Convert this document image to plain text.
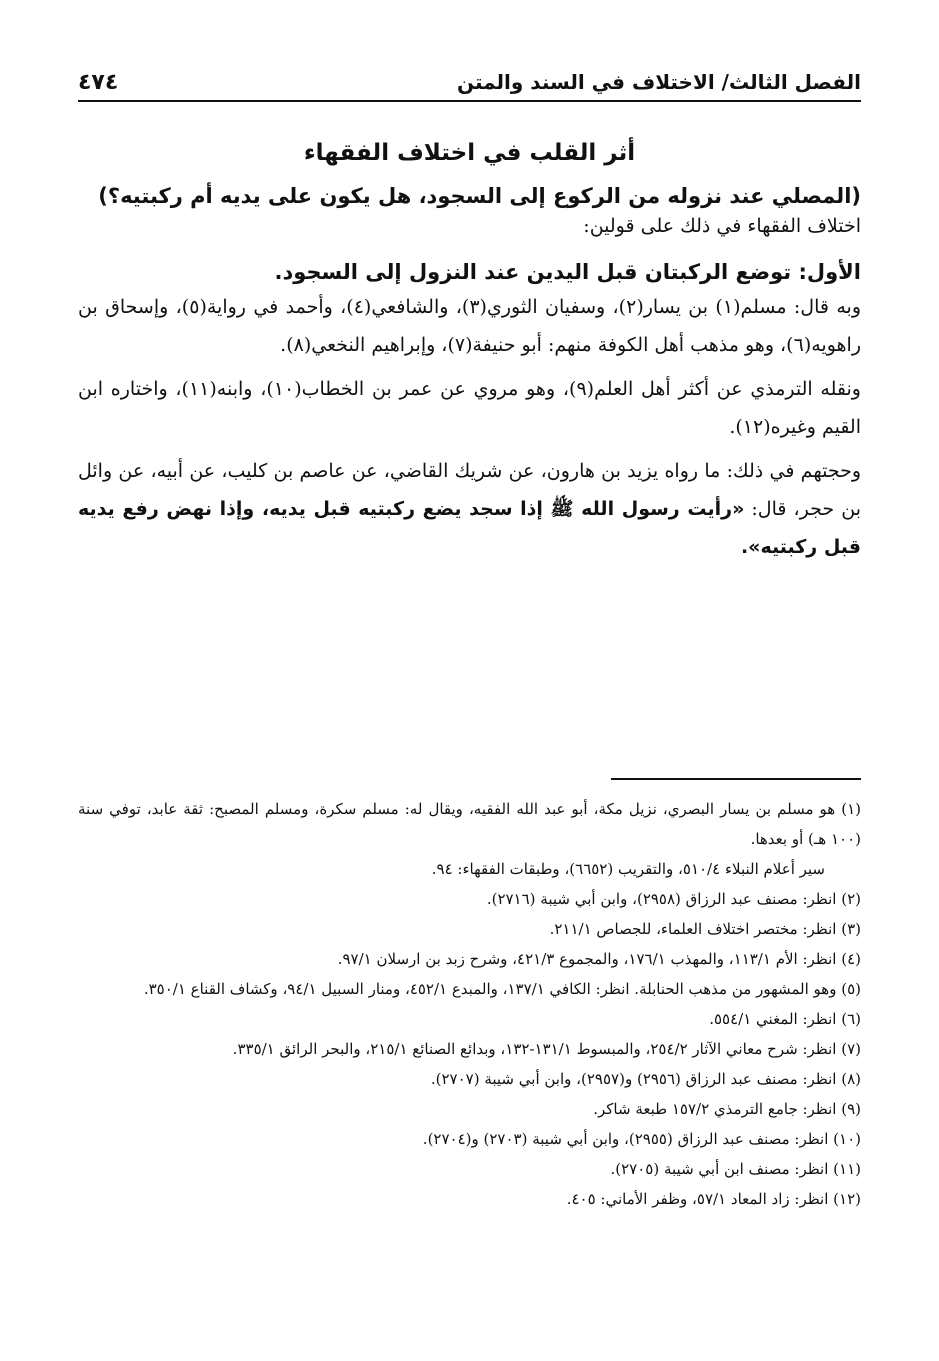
الفصل الثالث/ الاختلاف في السند والمتن
٤٧٤
أثر القلب في اختلاف الفقهاء

(المصلي عند نزوله من الركوع إلى السجود، هل يكون على يديه أم ركبتيه؟)

اختلاف الفقهاء في ذلك على قولين:

الأول: توضع الركبتان قبل اليدين عند النزول إلى السجود.

وبه قال: مسلم(١) بن يسار(٢)، وسفيان الثوري(٣)، والشافعي(٤)، وأحمد في رواية(٥)، وإسحاق بن راهويه(٦)، وهو مذهب أهل الكوفة منهم: أبو حنيفة(٧)، وإبراهيم النخعي(٨).

ونقله الترمذي عن أكثر أهل العلم(٩)، وهو مروي عن عمر بن الخطاب(١٠)، وابنه(١١)، واختاره ابن القيم وغيره(١٢).

وحجتهم في ذلك: ما رواه يزيد بن هارون، عن شريك القاضي، عن عاصم بن كليب، عن أبيه، عن وائل بن حجر، قال: «رأيت رسول الله ﷺ إذا سجد يضع ركبتيه قبل يديه، وإذا نهض رفع يديه قبل ركبتيه».

(١) هو مسلم بن يسار البصري، نزيل مكة، أبو عبد الله الفقيه، ويقال له: مسلم سكرة، ومسلم المصبح: ثقة عابد، توفي سنة (١٠٠ هـ) أو بعدها.

سير أعلام النبلاء ٥١٠/٤، والتقريب (٦٦٥٢)، وطبقات الفقهاء: ٩٤.

(٢) انظر: مصنف عبد الرزاق (٢٩٥٨)، وابن أبي شيبة (٢٧١٦).

(٣) انظر: مختصر اختلاف العلماء، للجصاص ٢١١/١.

(٤) انظر: الأم ١١٣/١، والمهذب ١٧٦/١، والمجموع ٤٢١/٣، وشرح زبد بن ارسلان ٩٧/١.

(٥) وهو المشهور من مذهب الحنابلة. انظر: الكافي ١٣٧/١، والمبدع ٤٥٢/١، ومنار السبيل ٩٤/١، وكشاف القناع ٣٥٠/١.

(٦) انظر: المغني ٥٥٤/١.

(٧) انظر: شرح معاني الآثار ٢٥٤/٢، والمبسوط ١٣١/١-١٣٢، وبدائع الصنائع ٢١٥/١، والبحر الرائق ٣٣٥/١.

(٨) انظر: مصنف عبد الرزاق (٢٩٥٦) و(٢٩٥٧)، وابن أبي شيبة (٢٧٠٧).

(٩) انظر: جامع الترمذي ١٥٧/٢ طبعة شاكر.

(١٠) انظر: مصنف عبد الرزاق (٢٩٥٥)، وابن أبي شيبة (٢٧٠٣) و(٢٧٠٤).

(١١) انظر: مصنف ابن أبي شيبة (٢٧٠٥).

(١٢) انظر: زاد المعاد ٥٧/١، وظفر الأماني: ٤٠٥.
